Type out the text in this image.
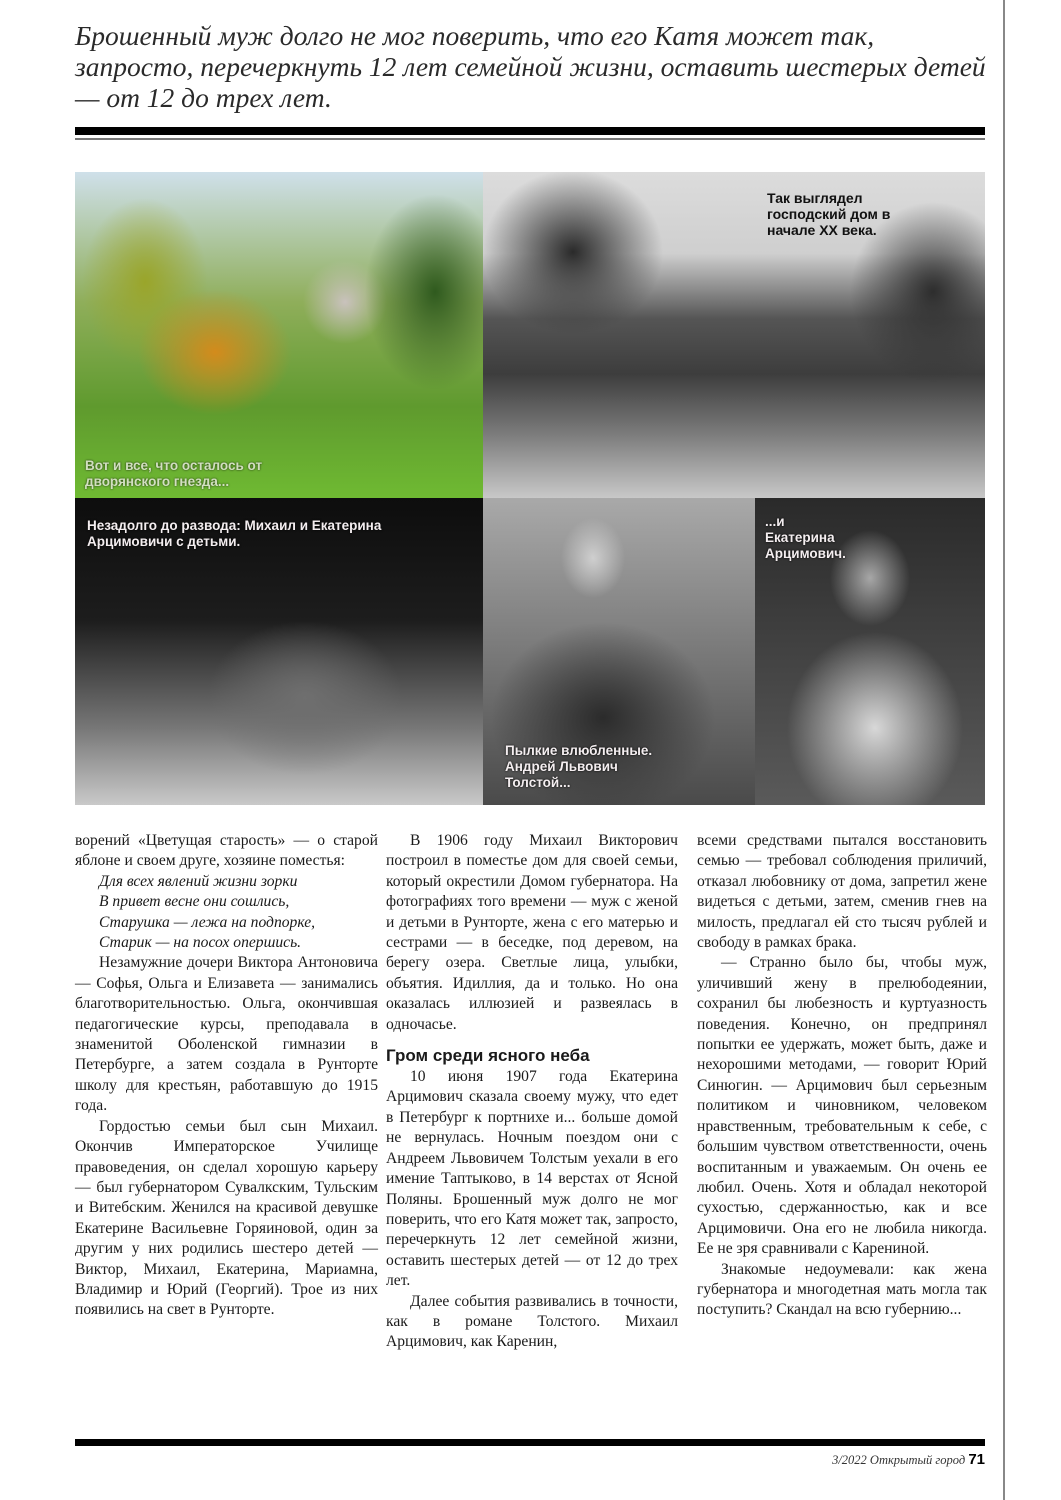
Брошенный муж долго не мог поверить, что его Катя может так, запросто, перечеркнуть 12 лет семейной жизни, оставить шестерых детей — от 12 до трех лет.
Вот и все, что осталось от дворянского гнезда...
Так выглядел господский дом в начале XX века.
Незадолго до развода: Михаил и Екатерина Арцимовичи с детьми.
Пылкие влюбленные. Андрей Львович Толстой...
...и Екатерина Арцимович.

ворений «Цветущая старость» — о старой яблоне и своем друге, хозяине поместья:

Для всех явлений жизни зорки
В привет весне они сошлись,
Старушка — лежа на подпорке,
Старик — на посох опершись.

Незамужние дочери Виктора Антоновича — Софья, Ольга и Елизавета — занимались благотворительностью. Ольга, окончившая педагогические курсы, преподавала в знаменитой Оболенской гимназии в Петербурге, а затем создала в Рунторте школу для крестьян, работавшую до 1915 года.

Гордостью семьи был сын Михаил. Окончив Императорское Училище правоведения, он сделал хорошую карьеру — был губернатором Сувалкским, Тульским и Витебским. Женился на красивой девушке Екатерине Васильевне Горяиновой, один за другим у них родились шестеро детей — Виктор, Михаил, Екатерина, Мариамна, Владимир и Юрий (Георгий). Трое из них появились на свет в Рунторте.

В 1906 году Михаил Викторович построил в поместье дом для своей семьи, который окрестили Домом губернатора. На фотографиях того времени — муж с женой и детьми в Рунторте, жена с его матерью и сестрами — в беседке, под деревом, на берегу озера. Светлые лица, улыбки, объятия. Идиллия, да и только. Но она оказалась иллюзией и развеялась в одночасье.

Гром среди ясного неба

10 июня 1907 года Екатерина Арцимович сказала своему мужу, что едет в Петербург к портнихе и... больше домой не вернулась. Ночным поездом они с Андреем Львовичем Толстым уехали в его имение Таптыково, в 14 верстах от Ясной Поляны. Брошенный муж долго не мог поверить, что его Катя может так, запросто, перечеркнуть 12 лет семейной жизни, оставить шестерых детей — от 12 до трех лет.

Далее события развивались в точности, как в романе Толстого. Михаил Арцимович, как Каренин,

всеми средствами пытался восстановить семью — требовал соблюдения приличий, отказал любовнику от дома, запретил жене видеться с детьми, затем, сменив гнев на милость, предлагал ей сто тысяч рублей и свободу в рамках брака.

— Странно было бы, чтобы муж, уличивший жену в прелюбодеянии, сохранил бы любезность и куртуазность поведения. Конечно, он предпринял попытки ее удержать, может быть, даже и нехорошими методами, — говорит Юрий Синюгин. — Арцимович был серьезным политиком и чиновником, человеком нравственным, требовательным к себе, с большим чувством ответственности, очень воспитанным и уважаемым. Он очень ее любил. Очень. Хотя и обладал некоторой сухостью, сдержанностью, как и все Арцимовичи. Она его не любила никогда. Ее не зря сравнивали с Карениной.

Знакомые недоумевали: как жена губернатора и многодетная мать могла так поступить? Скандал на всю губернию...

3/2022 Открытый город 71
